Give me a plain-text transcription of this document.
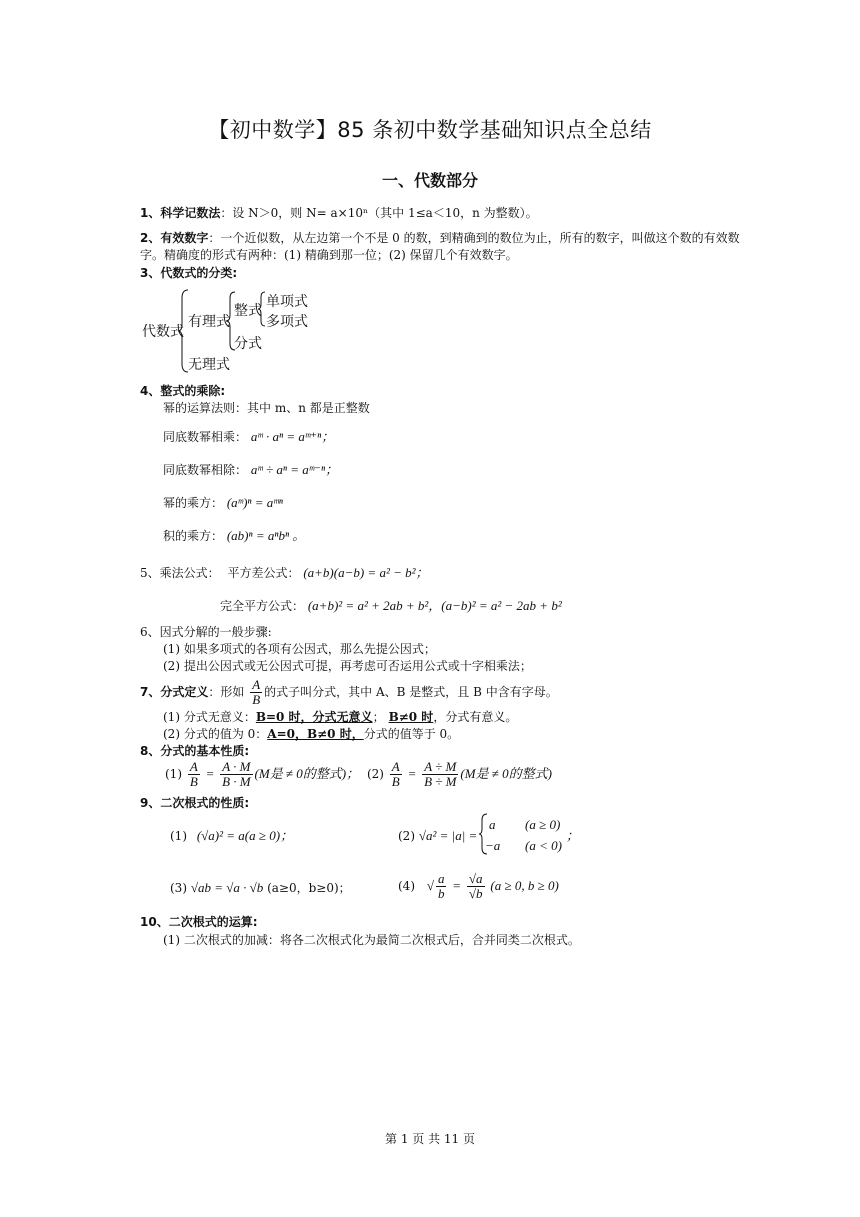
【初中数学】85 条初中数学基础知识点全总结
一、代数部分
1、科学记数法：设 N＞0，则 N= a×10ⁿ（其中 1≤a＜10，n 为整数）。
2、有效数字：一个近似数，从左边第一个不是 0 的数，到精确到的数位为止，所有的数字，叫做这个数的有效数
字。精确度的形式有两种：(1) 精确到那一位；(2) 保留几个有效数字。
3、代数式的分类:
代数式
有理式
整式
单项式
多项式
分式
无理式
4、整式的乘除:
幂的运算法则：其中 m、n 都是正整数
同底数幂相乘： aᵐ · aⁿ = aᵐ⁺ⁿ；
同底数幂相除： aᵐ ÷ aⁿ = aᵐ⁻ⁿ；
幂的乘方： (aᵐ)ⁿ = aᵐⁿ
积的乘方： (ab)ⁿ = aⁿbⁿ 。
5、乘法公式： 平方差公式： (a+b)(a−b) = a² − b²；
完全平方公式： (a+b)² = a² + 2ab + b²，(a−b)² = a² − 2ab + b²
6、因式分解的一般步骤:
(1) 如果多项式的各项有公因式，那么先提公因式；
(2) 提出公因式或无公因式可提，再考虑可否运用公式或十字相乘法；
7、分式定义：形如 $\frac{A}{B}$ 的式子叫分式，其中 A、B 是整式，且 B 中含有字母。
(1) 分式无意义：B=0 时，分式无意义； B≠0 时，分式有意义。
(2) 分式的值为 0：A=0，B≠0 时，分式的值等于 0。
8、分式的基本性质:
$(1) \frac{A}{B} = \frac{A \cdot M}{B \cdot M} (M$是 ≠ 0的整式)； $(2) \frac{A}{B} = \frac{A \div M}{B \div M} (M$是 ≠ 0的整式)
9、二次根式的性质:
(1) (√a)² = a(a ≥ 0)；	(2) √a² = |a| =
a (a ≥ 0)
−a (a < 0)
；
(3) √ab = √a · √b (a≥0，b≥0)；	(4) √ $\frac{a}{b} = \frac{√a}{√b} (a \ge 0$, b ≥ 0)
10、二次根式的运算:
(1) 二次根式的加减：将各二次根式化为最简二次根式后，合并同类二次根式。
第 1 页 共 11 页
